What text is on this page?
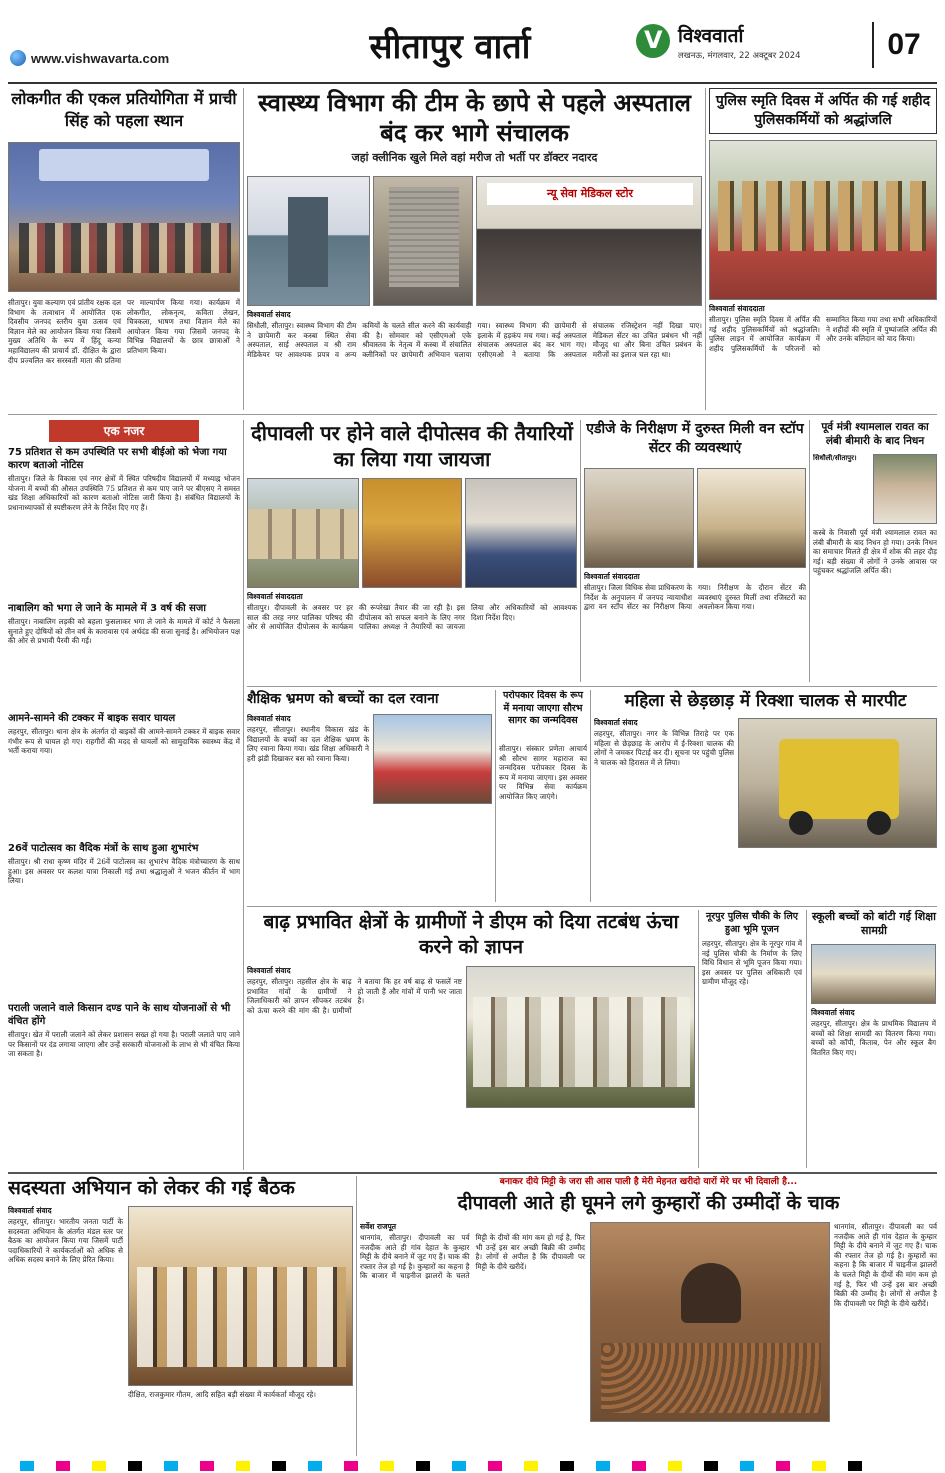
www.vishwavarta.com	सीतापुर वार्ता	V विश्ववार्ता
लखनऊ, मंगलवार, 22 अक्टूबर 2024	07
लोकगीत की एकल प्रतियोगिता में प्राची सिंह को पहला स्थान
सीतापुर। युवा कल्याण एवं प्रांतीय रक्षक दल विभाग के तत्वाधान में आयोजित एक दिवसीय जनपद स्तरीय युवा उत्सव एवं विज्ञान मेले का आयोजन किया गया जिसमें मुख्य अतिथि के रूप में हिंदू कन्या महाविद्यालय की प्राचार्य डॉ. दीक्षित के द्वारा दीप प्रज्वलित कर सरस्वती माता की प्रतिमा पर माल्यार्पण किया गया। कार्यक्रम में लोकगीत, लोकनृत्य, कविता लेखन, चित्रकला, भाषण तथा विज्ञान मेले का आयोजन किया गया जिसमें जनपद के विभिन्न विद्यालयों के छात्र छात्राओं ने प्रतिभाग किया।
स्वास्थ्य विभाग की टीम के छापे से पहले अस्पताल बंद कर भागे संचालक
जहां क्लीनिक खुले मिले वहां मरीज तो भर्ती पर डॉक्टर नदारद
न्यू सेवा मेडिकल स्टोर
विश्ववार्ता संवाद
सिधौली, सीतापुर। स्वास्थ्य विभाग की टीम ने छापेमारी कर कस्बा स्थित सेवा अस्पताल, साई अस्पताल व श्री राम मेडिकेयर पर आवश्यक प्रपत्र व अन्य कमियों के चलते सील करने की कार्यवाही की है। सोमवार को एसीएमओ एके श्रीवास्तव के नेतृत्व में कस्बा में संचालित क्लीनिकों पर छापेमारी अभियान चलाया गया। स्वास्थ्य विभाग की छापेमारी से इलाके में हड़कंप मच गया। कई अस्पताल संचालक अस्पताल बंद कर भाग गए। एसीएमओ ने बताया कि अस्पताल संचालक रजिस्ट्रेशन नहीं दिखा पाए। मेडिकल सेंटर का उचित प्रबंधन भी नहीं मौजूद था और बिना उचित प्रबंधन के मरीजों का इलाज चल रहा था।
पुलिस स्मृति दिवस में अर्पित की गई शहीद पुलिसकर्मियों को श्रद्धांजलि
विश्ववार्ता संवाददाता
सीतापुर। पुलिस स्मृति दिवस में अर्पित की गई शहीद पुलिसकर्मियों को श्रद्धांजलि। पुलिस लाइन में आयोजित कार्यक्रम में शहीद पुलिसकर्मियों के परिजनों को सम्मानित किया गया तथा सभी अधिकारियों ने शहीदों की स्मृति में पुष्पांजलि अर्पित की और उनके बलिदान को याद किया।
एक नजर
75 प्रतिशत से कम उपस्थिति पर सभी बीईओ को भेजा गया कारण बताओ नोटिस
सीतापुर। जिले के विकास एवं नगर क्षेत्रों में स्थित परिषदीय विद्यालयों में मध्याह्न भोजन योजना में बच्चों की औसत उपस्थिति 75 प्रतिशत से कम पाए जाने पर बीएसए ने समस्त खंड शिक्षा अधिकारियों को कारण बताओ नोटिस जारी किया है। संबंधित विद्यालयों के प्रधानाध्यापकों से स्पष्टीकरण लेने के निर्देश दिए गए हैं।
नाबालिग को भगा ले जाने के मामले में 3 वर्ष की सजा
सीतापुर। नाबालिग लड़की को बहला फुसलाकर भगा ले जाने के मामले में कोर्ट ने फैसला सुनाते हुए दोषियों को तीन वर्ष के कारावास एवं अर्थदंड की सजा सुनाई है। अभियोजन पक्ष की ओर से प्रभावी पैरवी की गई।
आमने-सामने की टक्कर में बाइक सवार घायल
लहरपुर, सीतापुर। थाना क्षेत्र के अंतर्गत दो बाइकों की आमने-सामने टक्कर में बाइक सवार गंभीर रूप से घायल हो गए। राहगीरों की मदद से घायलों को सामुदायिक स्वास्थ्य केंद्र में भर्ती कराया गया।
26वें पाटोत्सव का वैदिक मंत्रों के साथ हुआ शुभारंभ
सीतापुर। श्री राधा कृष्ण मंदिर में 26वें पाटोत्सव का शुभारंभ वैदिक मंत्रोच्चारण के साथ हुआ। इस अवसर पर कलश यात्रा निकाली गई तथा श्रद्धालुओं ने भजन कीर्तन में भाग लिया।
पराली जलाने वाले किसान दण्ड पाने के साथ योजनाओं से भी वंचित होंगे
सीतापुर। खेत में पराली जलाने को लेकर प्रशासन सख्त हो गया है। पराली जलाते पाए जाने पर किसानों पर दंड लगाया जाएगा और उन्हें सरकारी योजनाओं के लाभ से भी वंचित किया जा सकता है।
दीपावली पर होने वाले दीपोत्सव की तैयारियों का लिया गया जायजा
विश्ववार्ता संवाददाता
सीतापुर। दीपावली के अवसर पर हर साल की तरह नगर पालिका परिषद की ओर से आयोजित दीपोत्सव के कार्यक्रम की रूपरेखा तैयार की जा रही है। इस दीपोत्सव को सफल बनाने के लिए नगर पालिका अध्यक्ष ने तैयारियों का जायजा लिया और अधिकारियों को आवश्यक दिशा निर्देश दिए।
एडीजे के निरीक्षण में दुरुस्त मिली वन स्टॉप सेंटर की व्यवस्थाएं
विश्ववार्ता संवाददाता
सीतापुर। जिला विधिक सेवा प्राधिकरण के निर्देश के अनुपालन में जनपद न्यायाधीश द्वारा वन स्टॉप सेंटर का निरीक्षण किया गया। निरीक्षण के दौरान सेंटर की व्यवस्थाएं दुरुस्त मिलीं तथा रजिस्टरों का अवलोकन किया गया।
पूर्व मंत्री श्यामलाल रावत का लंबी बीमारी के बाद निधन
सिधौली/सीतापुर।
कस्बे के निवासी पूर्व मंत्री श्यामलाल रावत का लंबी बीमारी के बाद निधन हो गया। उनके निधन का समाचार मिलते ही क्षेत्र में शोक की लहर दौड़ गई। बड़ी संख्या में लोगों ने उनके आवास पर पहुंचकर श्रद्धांजलि अर्पित की।
शैक्षिक भ्रमण को बच्चों का दल रवाना
विश्ववार्ता संवाद
लहरपुर, सीतापुर। स्थानीय विकास खंड के विद्यालयों के बच्चों का दल शैक्षिक भ्रमण के लिए रवाना किया गया। खंड शिक्षा अधिकारी ने हरी झंडी दिखाकर बस को रवाना किया।
परोपकार दिवस के रूप में मनाया जाएगा सौरभ सागर का जन्मदिवस
सीतापुर। संस्कार प्रणेता आचार्य श्री सौरभ सागर महाराज का जन्मदिवस परोपकार दिवस के रूप में मनाया जाएगा। इस अवसर पर विभिन्न सेवा कार्यक्रम आयोजित किए जाएंगे।
महिला से छेड़छाड़ में रिक्शा चालक से मारपीट
विश्ववार्ता संवाद
लहरपुर, सीतापुर। नगर के विभिन्न तिराहे पर एक महिला से छेड़छाड़ के आरोप में ई-रिक्शा चालक की लोगों ने जमकर पिटाई कर दी। सूचना पर पहुंची पुलिस ने चालक को हिरासत में ले लिया।
बाढ़ प्रभावित क्षेत्रों के ग्रामीणों ने डीएम को दिया तटबंध ऊंचा करने को ज्ञापन
विश्ववार्ता संवाद
लहरपुर, सीतापुर। तहसील क्षेत्र के बाढ़ प्रभावित गांवों के ग्रामीणों ने जिलाधिकारी को ज्ञापन सौंपकर तटबंध को ऊंचा करने की मांग की है। ग्रामीणों ने बताया कि हर वर्ष बाढ़ से फसलें नष्ट हो जाती हैं और गांवों में पानी भर जाता है।
नूरपुर पुलिस चौकी के लिए हुआ भूमि पूजन
लहरपुर, सीतापुर। क्षेत्र के नूरपुर गांव में नई पुलिस चौकी के निर्माण के लिए विधि विधान से भूमि पूजन किया गया। इस अवसर पर पुलिस अधिकारी एवं ग्रामीण मौजूद रहे।
स्कूली बच्चों को बांटी गई शिक्षा सामग्री
विश्ववार्ता संवाद
लहरपुर, सीतापुर। क्षेत्र के प्राथमिक विद्यालय में बच्चों को शिक्षा सामग्री का वितरण किया गया। बच्चों को कॉपी, किताब, पेन और स्कूल बैग वितरित किए गए।
सदस्यता अभियान को लेकर की गई बैठक
विश्ववार्ता संवाद
लहरपुर, सीतापुर। भारतीय जनता पार्टी के सदस्यता अभियान के अंतर्गत मंडल स्तर पर बैठक का आयोजन किया गया जिसमें पार्टी पदाधिकारियों ने कार्यकर्ताओं को अधिक से अधिक सदस्य बनाने के लिए प्रेरित किया।
दीक्षित, राजकुमार गौतम, आदि सहित बड़ी संख्या में कार्यकर्ता मौजूद रहे।
बनाकर दीये मिट्टी के जरा सी आस पाली है मेरी मेहनत खरीदो यारों मेरे घर भी दिवाली है...
दीपावली आते ही घूमने लगे कुम्हारों की उम्मीदों के चाक
सर्वेश राजपूत
थानगांव, सीतापुर। दीपावली का पर्व नजदीक आते ही गांव देहात के कुम्हार मिट्टी के दीये बनाने में जुट गए हैं। चाक की रफ्तार तेज हो गई है। कुम्हारों का कहना है कि बाजार में चाइनीज झालरों के चलते मिट्टी के दीयों की मांग कम हो गई है, फिर भी उन्हें इस बार अच्छी बिक्री की उम्मीद है। लोगों से अपील है कि दीपावली पर मिट्टी के दीये खरीदें।
थानगांव, सीतापुर। दीपावली का पर्व नजदीक आते ही गांव देहात के कुम्हार मिट्टी के दीये बनाने में जुट गए हैं। चाक की रफ्तार तेज हो गई है। कुम्हारों का कहना है कि बाजार में चाइनीज झालरों के चलते मिट्टी के दीयों की मांग कम हो गई है, फिर भी उन्हें इस बार अच्छी बिक्री की उम्मीद है। लोगों से अपील है कि दीपावली पर मिट्टी के दीये खरीदें।
